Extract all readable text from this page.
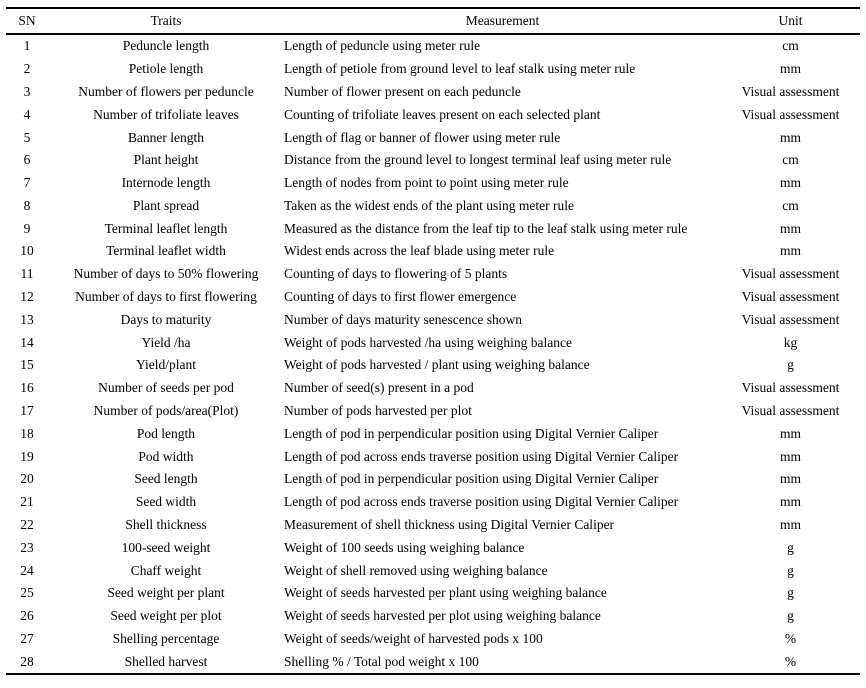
SN	Traits	Measurement	Unit
1	Peduncle length	Length of peduncle using meter rule	cm
2	Petiole length	Length of petiole from ground level to leaf stalk using meter rule	mm
3	Number of flowers per peduncle	Number of flower present on each peduncle	Visual assessment
4	Number of trifoliate leaves	Counting of trifoliate leaves present on each selected plant	Visual assessment
5	Banner length	Length of flag or banner of flower using meter rule	mm
6	Plant height	Distance from the ground level to longest terminal leaf using meter rule	cm
7	Internode length	Length of nodes from point to point using meter rule	mm
8	Plant spread	Taken as the widest ends of the plant using meter rule	cm
9	Terminal leaflet length	Measured as the distance from the leaf tip to the leaf stalk using meter rule	mm
10	Terminal leaflet width	Widest ends across the leaf blade using meter rule	mm
11	Number of days to 50% flowering	Counting of days to flowering of 5 plants	Visual assessment
12	Number of days to first flowering	Counting of days to first flower emergence	Visual assessment
13	Days to maturity	Number of days maturity senescence shown	Visual assessment
14	Yield /ha	Weight of pods harvested /ha using weighing balance	kg
15	Yield/plant	Weight of pods harvested / plant using weighing balance	g
16	Number of seeds per pod	Number of seed(s) present in a pod	Visual assessment
17	Number of pods/area(Plot)	Number of pods harvested per plot	Visual assessment
18	Pod length	Length of pod in perpendicular position using Digital Vernier Caliper	mm
19	Pod width	Length of pod across ends traverse position using Digital Vernier Caliper	mm
20	Seed length	Length of pod in perpendicular position using Digital Vernier Caliper	mm
21	Seed width	Length of pod across ends traverse position using Digital Vernier Caliper	mm
22	Shell thickness	Measurement of shell thickness using Digital Vernier Caliper	mm
23	100-seed weight	Weight of 100 seeds using weighing balance	g
24	Chaff weight	Weight of shell removed using weighing balance	g
25	Seed weight per plant	Weight of seeds harvested per plant using weighing balance	g
26	Seed weight per plot	Weight of seeds harvested per plot using weighing balance	g
27	Shelling percentage	Weight of seeds/weight of harvested pods x 100	%
28	Shelled harvest	Shelling % / Total pod weight x 100	%
